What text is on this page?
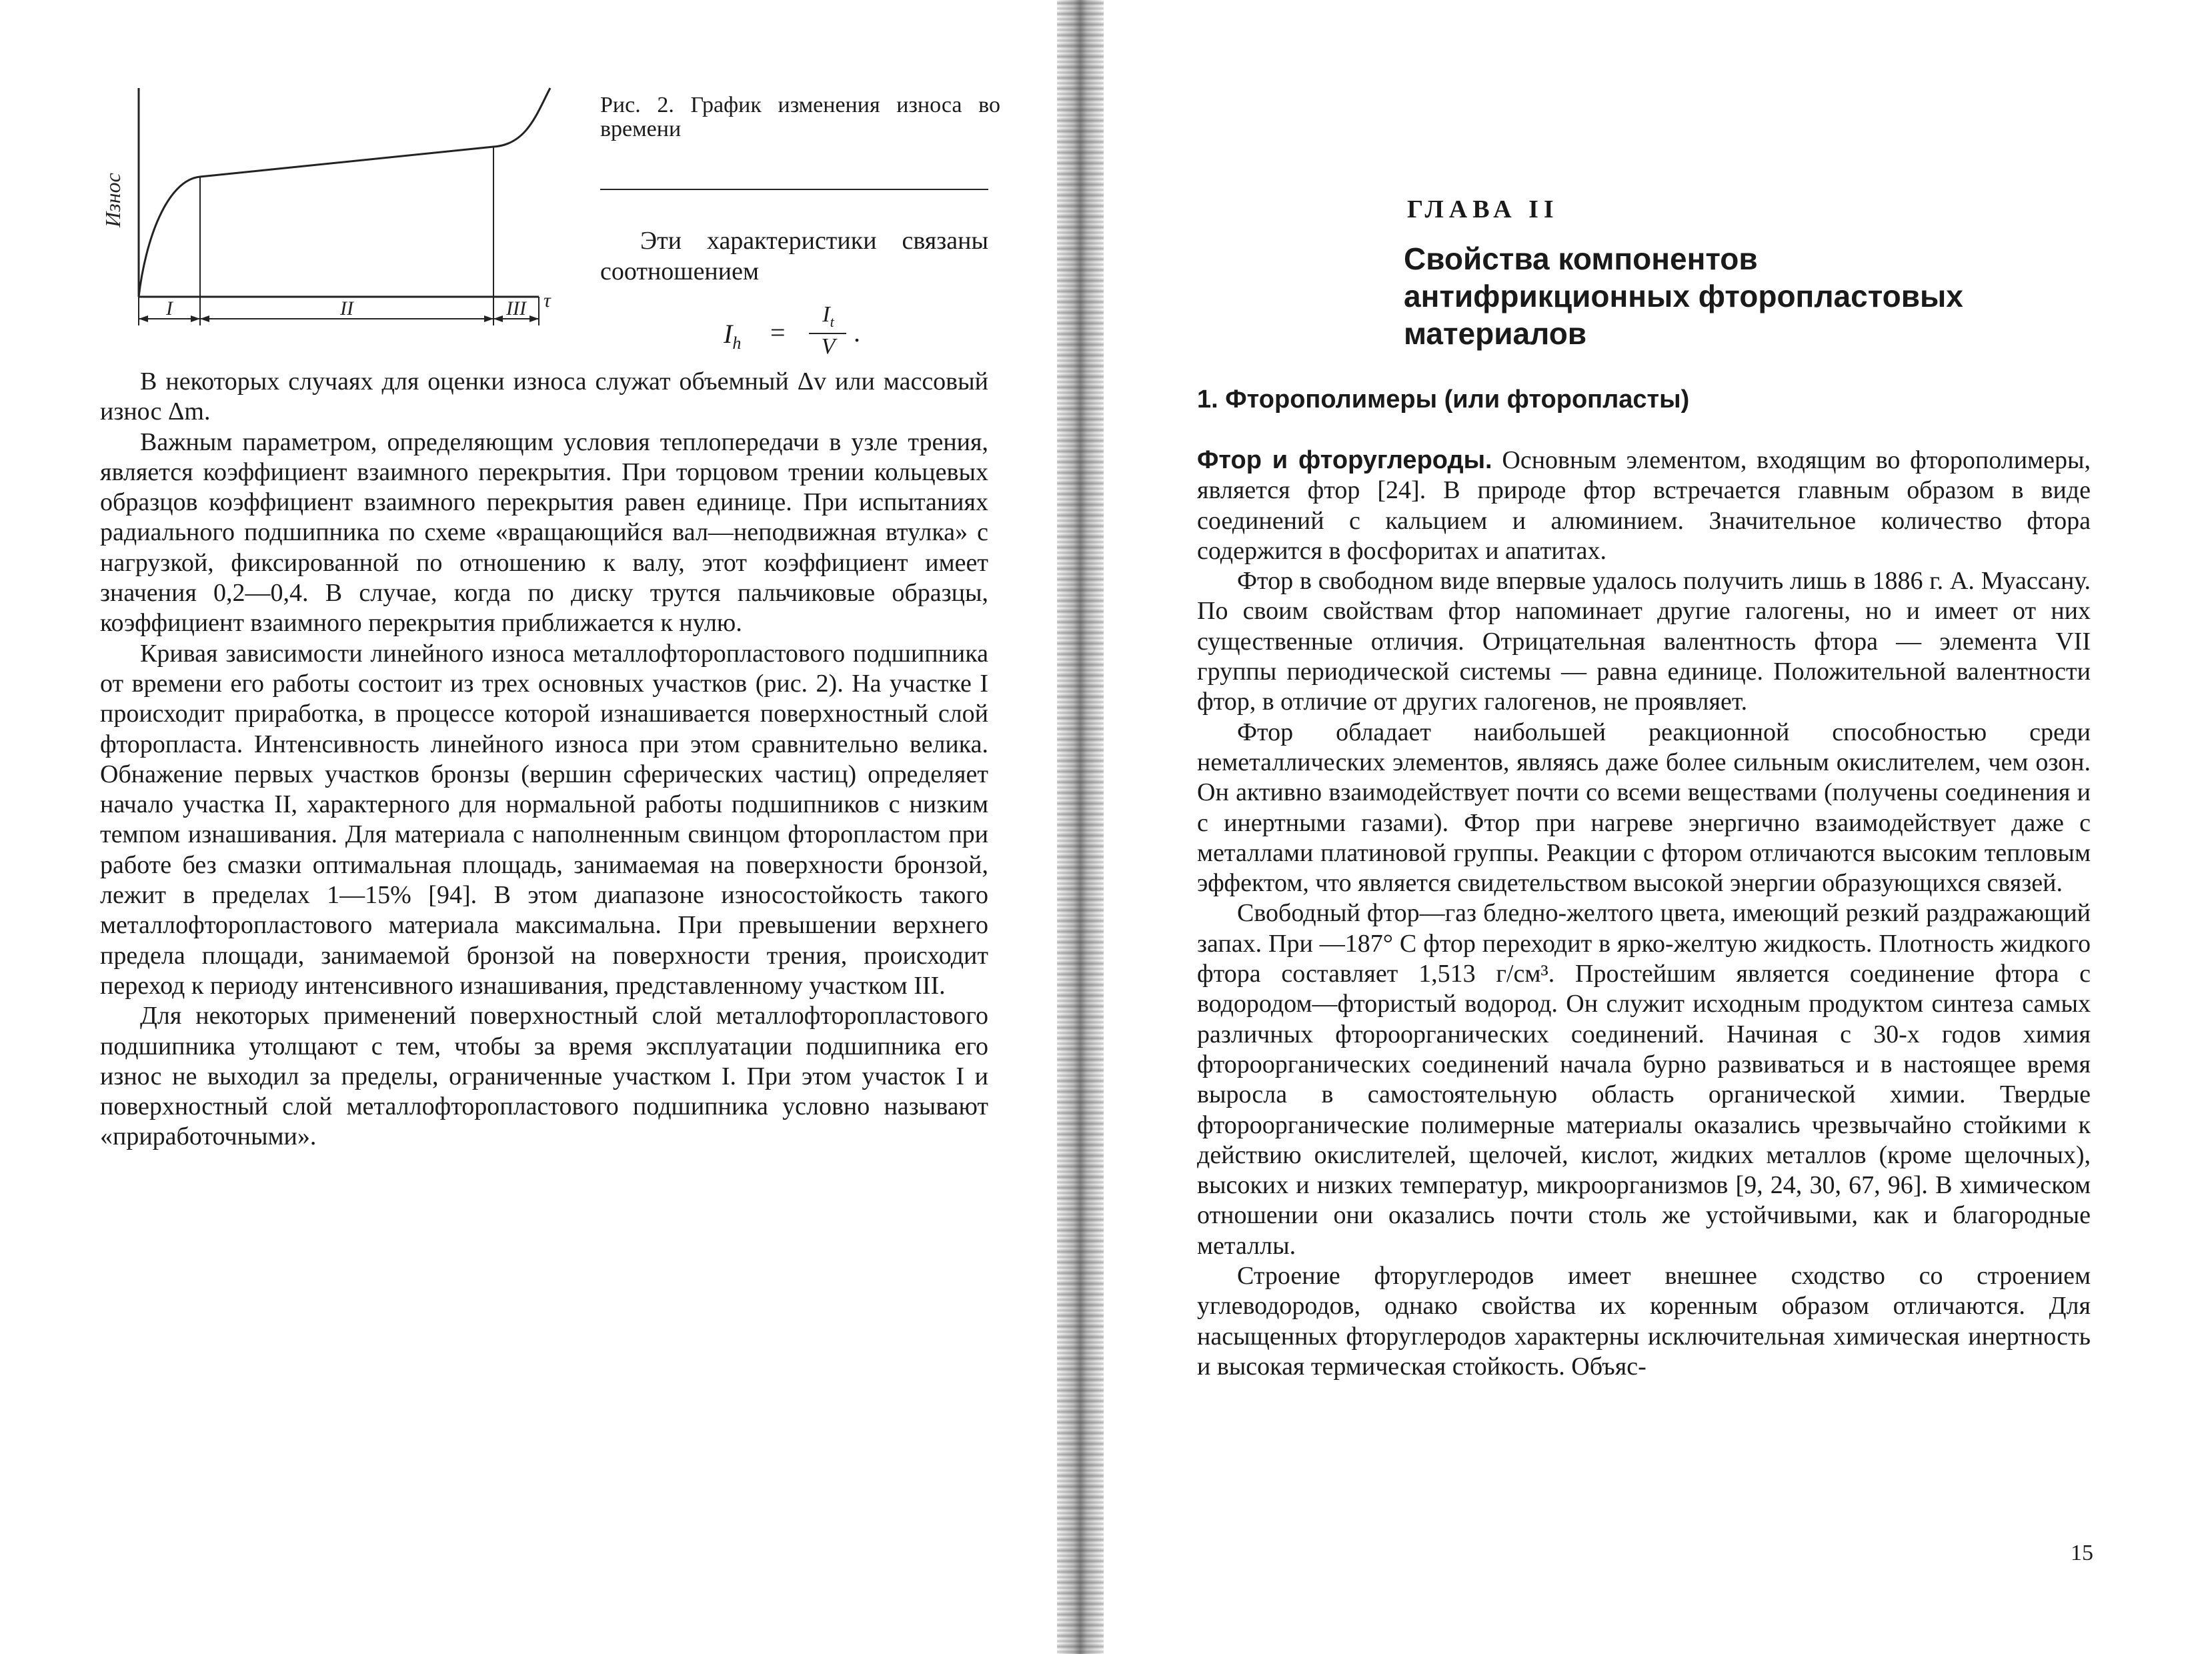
Износ
τ
I	II	III
Рис. 2. График изменения износа во времени
Эти характеристики связаны соотношением
$I_h$ =
$I_t$
V .

В некоторых случаях для оценки износа служат объемный Δv или массовый износ Δm.

Важным параметром, определяющим условия теплопередачи в узле трения, является коэффициент взаимного перекрытия. При торцовом трении кольцевых образцов коэффициент взаимного перекрытия равен единице. При испытаниях радиального подшипника по схеме «вращающийся вал—неподвижная втулка» с нагрузкой, фиксированной по отношению к валу, этот коэффициент имеет значения 0,2—0,4. В случае, когда по диску трутся пальчиковые образцы, коэффициент взаимного перекрытия приближается к нулю.

Кривая зависимости линейного износа металлофторопластового подшипника от времени его работы состоит из трех основных участков (рис. 2). На участке I происходит приработка, в процессе которой изнашивается поверхностный слой фторопласта. Интенсивность линейного износа при этом сравнительно велика. Обнажение первых участков бронзы (вершин сферических частиц) определяет начало участка II, характерного для нормальной работы подшипников с низким темпом изнашивания. Для материала с наполненным свинцом фторопластом при работе без смазки оптимальная площадь, занимаемая на поверхности бронзой, лежит в пределах 1—15% [94]. В этом диапазоне износостойкость такого металлофторопластового материала максимальна. При превышении верхнего предела площади, занимаемой бронзой на поверхности трения, происходит переход к периоду интенсивного изнашивания, представленному участком III.

Для некоторых применений поверхностный слой металлофторопластового подшипника утолщают с тем, чтобы за время эксплуатации подшипника его износ не выходил за пределы, ограниченные участком I. При этом участок I и поверхностный слой металлофторопластового подшипника условно называют «приработочными».

ГЛАВА II
Свойства компонентов антифрикционных фторопластовых материалов
1. Фторополимеры (или фторопласты)

Фтор и фторуглероды. Основным элементом, входящим во фторополимеры, является фтор [24]. В природе фтор встречается главным образом в виде соединений с кальцием и алюминием. Значительное количество фтора содержится в фосфоритах и апатитах.

Фтор в свободном виде впервые удалось получить лишь в 1886 г. А. Муассану. По своим свойствам фтор напоминает другие галогены, но и имеет от них существенные отличия. Отрицательная валентность фтора — элемента VII группы периодической системы — равна единице. Положительной валентности фтор, в отличие от других галогенов, не проявляет.

Фтор обладает наибольшей реакционной способностью среди неметаллических элементов, являясь даже более сильным окислителем, чем озон. Он активно взаимодействует почти со всеми веществами (получены соединения и с инертными газами). Фтор при нагреве энергично взаимодействует даже с металлами платиновой группы. Реакции с фтором отличаются высоким тепловым эффектом, что является свидетельством высокой энергии образующихся связей.

Свободный фтор—газ бледно-желтого цвета, имеющий резкий раздражающий запах. При —187° С фтор переходит в ярко-желтую жидкость. Плотность жидкого фтора составляет 1,513 г/см³. Простейшим является соединение фтора с водородом—фтористый водород. Он служит исходным продуктом синтеза самых различных фтороорганических соединений. Начиная с 30-х годов химия фтороорганических соединений начала бурно развиваться и в настоящее время выросла в самостоятельную область органической химии. Твердые фтороорганические полимерные материалы оказались чрезвычайно стойкими к действию окислителей, щелочей, кислот, жидких металлов (кроме щелочных), высоких и низких температур, микроорганизмов [9, 24, 30, 67, 96]. В химическом отношении они оказались почти столь же устойчивыми, как и благородные металлы.

Строение фторуглеродов имеет внешнее сходство со строением углеводородов, однако свойства их коренным образом отличаются. Для насыщенных фторуглеродов характерны исключительная химическая инертность и высокая термическая стойкость. Объяс-

15
